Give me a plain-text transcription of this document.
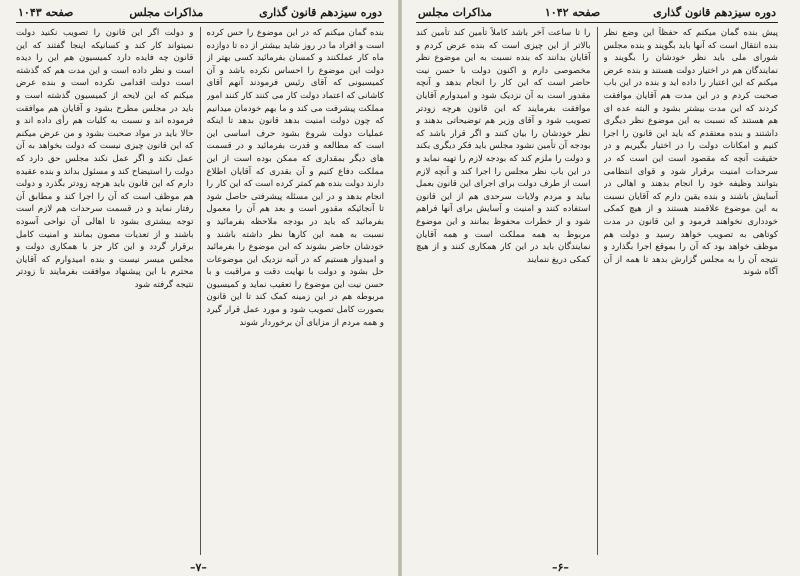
دوره سیزدهم قانون گذاری
مذاکرات مجلس
صفحه ۱۰۴۳
بنده گمان میکنم که در این موضوع را حس کرده است و افراد ما در روز شاید بیشتر از ده تا دوازده ماه کار عملکنند و کمسان بفرمائید کسی بهتر از دولت این موضوع را احساس نکرده باشد و آن کمیسیونی که آقای رئیس فرمودند آنهم آقای کاشانی که اعتماد دولت کار می کنند کار کنند امور مملکت پیشرفت می کند و ما بهم خودمان میدانیم که چون دولت امنیت بدهد قانون بدهد تا اینکه عملیات دولت شروع بشود حرف اساسی این است که مطالعه و قدرت بفرمائید و در قسمت های دیگر بمقداری که ممکن بوده است از این مملکت دفاع کنیم و آن بقدری که آقایان اطلاع دارند دولت بنده هم کمتر کرده است که این کار را انجام بدهد و در این مسئله پیشرفتی حاصل شود تا آنجائیکه مقدور است و بعد هم آن را معمول بفرمائید که باید در بودجه ملاحظه بفرمائید و نسبت به همه این کارها نظر داشته باشند و خودشان حاضر بشوند که این موضوع را بفرمائید و امیدوار هستیم که در آتیه نزدیک این موضوعات حل بشود و دولت با نهایت دقت و مراقبت و با حسن نیت این موضوع را تعقیب نماید و کمیسیون مربوطه هم در این زمینه کمک کند تا این قانون بصورت کامل تصویب شود و مورد عمل قرار گیرد و همه مردم از مزایای آن برخوردار شوند
و دولت اگر این قانون را تصویب نکنید دولت نمیتواند کار کند و کسانیکه اینجا گفتند که این قانون چه فایده دارد کمیسیون هم این را دیده است و نظر داده است و این مدت هم که گذشته است دولت اقدامی نکرده است و بنده عرض میکنم که این لایحه از کمیسیون گذشته است و باید در مجلس مطرح بشود و آقایان هم موافقت فرموده اند و نسبت به کلیات هم رأی داده اند و حالا باید در مواد صحبت بشود و من عرض میکنم که این قانون چیزی نیست که دولت بخواهد به آن عمل نکند و اگر عمل نکند مجلس حق دارد که دولت را استیضاح کند و مسئول بداند و بنده عقیده دارم که این قانون باید هرچه زودتر بگذرد و دولت هم موظف است که آن را اجرا کند و مطابق آن رفتار نماید و در قسمت سرحدات هم لازم است توجه بیشتری بشود تا اهالی آن نواحی آسوده باشند و از تعدیات مصون بمانند و امنیت کامل برقرار گردد و این کار جز با همکاری دولت و مجلس میسر نیست و بنده امیدوارم که آقایان محترم با این پیشنهاد موافقت بفرمایند تا زودتر نتیجه گرفته شود
–۷–
دوره سیزدهم قانون گذاری
صفحه ۱۰۴۲
مذاکرات مجلس
پیش بنده گمان میکنم که حفظاً این وضع نظر بنده انتقال است که آنها باید بگویند و بنده مجلس شورای ملی باید نظر خودشان را بگویند و نمایندگان هم در اختیار دولت هستند و بنده عرض میکنم که این اعتبار را داده اید و بنده در این باب صحبت کردم و در این مدت هم آقایان موافقت کردند که این مدت بیشتر بشود و البته عده ای هم هستند که نسبت به این موضوع نظر دیگری داشتند و بنده معتقدم که باید این قانون را اجرا کنیم و امکانات دولت را در اختیار بگیریم و در حقیقت آنچه که مقصود است این است که در سرحدات امنیت برقرار شود و قوای انتظامی بتوانند وظیفه خود را انجام بدهند و اهالی در آسایش باشند و بنده یقین دارم که آقایان نسبت به این موضوع علاقمند هستند و از هیچ کمکی خودداری نخواهند فرمود و این قانون در مدت کوتاهی به تصویب خواهد رسید و دولت هم موظف خواهد بود که آن را بموقع اجرا بگذارد و نتیجه آن را به مجلس گزارش بدهد تا همه از آن آگاه شوند
را تا ساعت آخر باشد کاملاً تأمین کند تأمین کند بالاتر از این چیزی است که بنده عرض کردم و آقایان بدانند که بنده نسبت به این موضوع نظر مخصوصی دارم و اکنون دولت با حسن نیت حاضر است که این کار را انجام بدهد و آنچه مقدور است به آن نزدیک شود و امیدوارم آقایان موافقت بفرمایند که این قانون هرچه زودتر تصویب شود و آقای وزیر هم توضیحاتی بدهند و نظر خودشان را بیان کنند و اگر قرار باشد که بودجه آن تأمین نشود مجلس باید فکر دیگری بکند و دولت را ملزم کند که بودجه لازم را تهیه نماید و در این باب نظر مجلس را اجرا کند و آنچه لازم است از طرف دولت برای اجرای این قانون بعمل بیاید و مردم ولایات سرحدی هم از این قانون استفاده کنند و امنیت و آسایش برای آنها فراهم شود و از خطرات محفوظ بمانند و این موضوع مربوط به همه مملکت است و همه آقایان نمایندگان باید در این کار همکاری کنند و از هیچ کمکی دریغ ننمایند
–۶–
